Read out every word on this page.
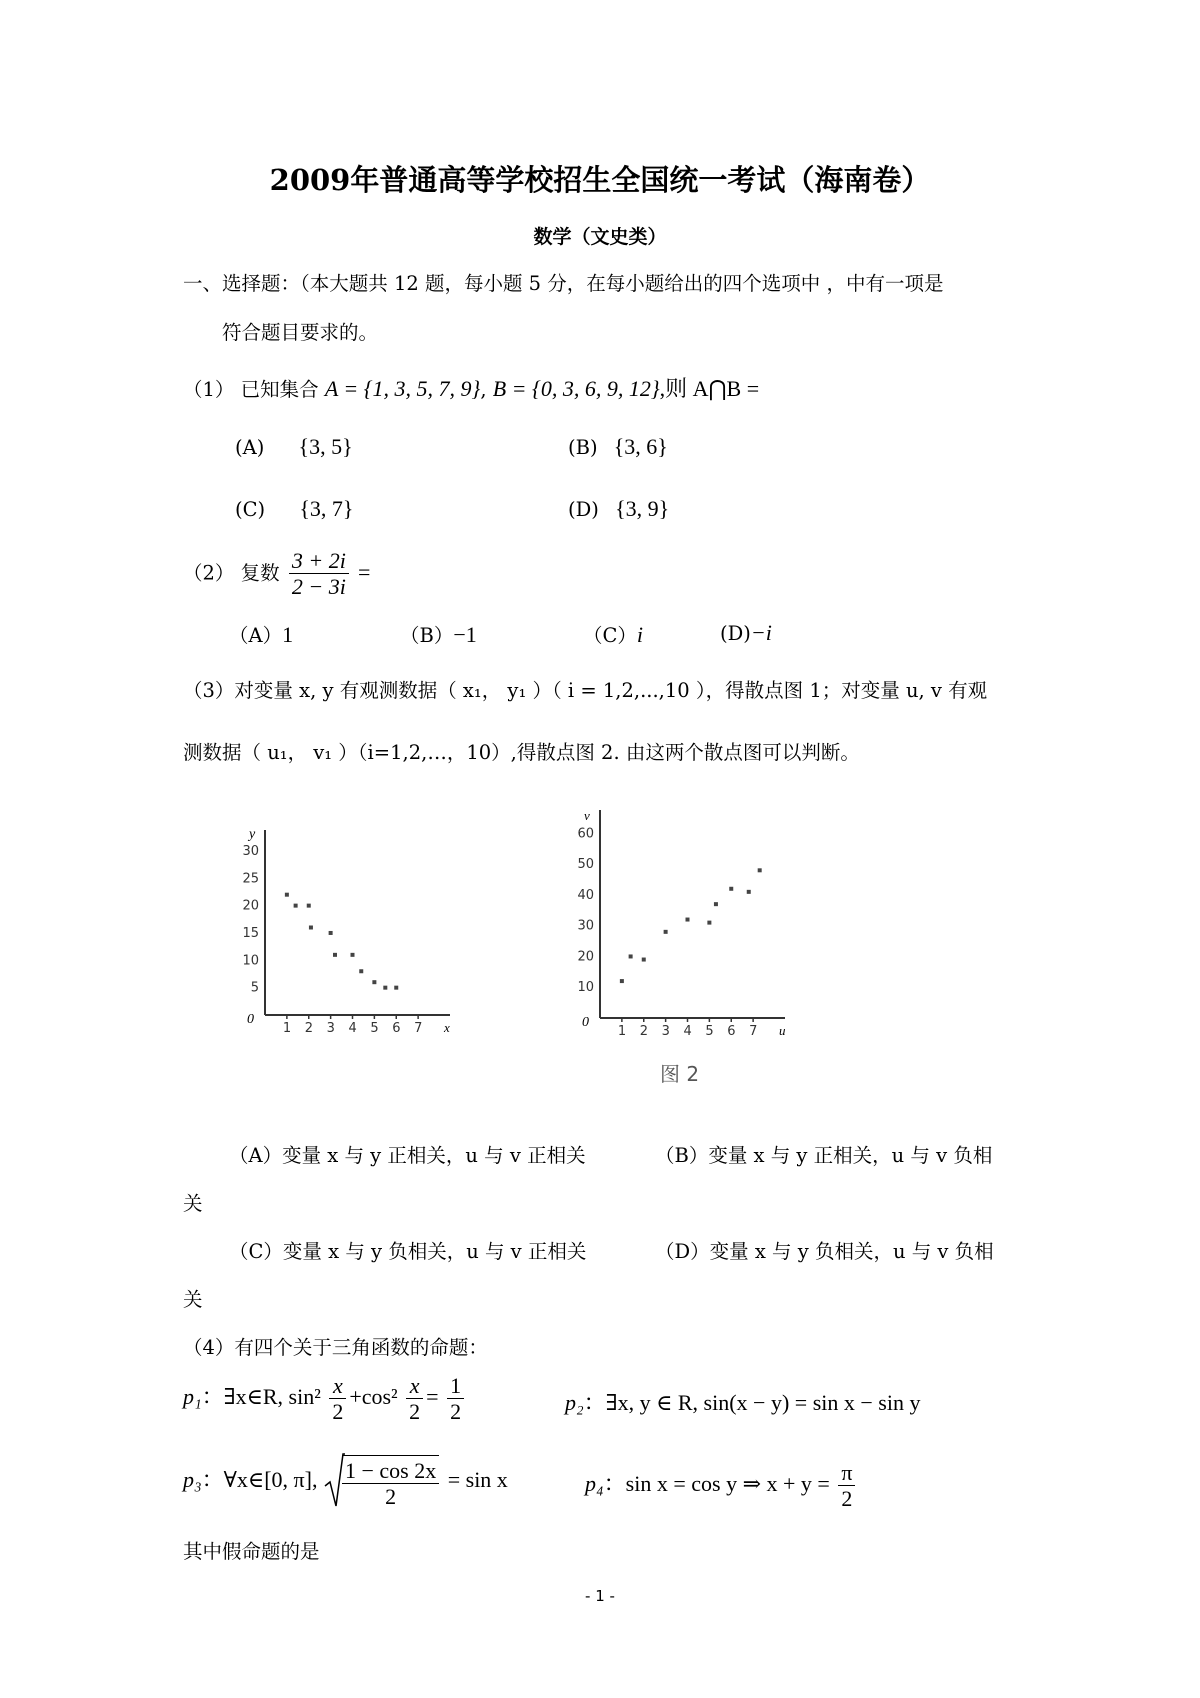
2009年普通高等学校招生全国统一考试（海南卷）
数学（文史类）
一、选择题：（本大题共 12 题，每小题 5 分，在每小题给出的四个选项中 ，中有一项是
符合题目要求的。
（1） 已知集合 A = {1, 3, 5, 7, 9}, B = {0, 3, 6, 9, 12},则 A⋂B =
(A) {3, 5}	(B) {3, 6}
(C) {3, 7}	(D) {3, 9}
（2） 复数 $\frac{3 + 2i}{2 - 3i}$ =
（A）1	（B）−1	（C）i	(D)−i
（3）对变量 x, y 有观测数据（ x₁， y₁ ）（ i = 1,2,...,10 ），得散点图 1；对变量 u, v 有观
测数据（ u₁， v₁ ）（i=1,2,…，10）,得散点图 2. 由这两个散点图可以判断。
y
0
1 2 3 4 5 6 7
5
10
15
20
25
30
x
v
0
1 2 3 4 5 6 7
10
20
30
40
50
60
u
图 2
（A）变量 x 与 y 正相关，u 与 v 正相关	（B）变量 x 与 y 正相关，u 与 v 负相
关
（C）变量 x 与 y 负相关，u 与 v 正相关	（D）变量 x 与 y 负相关，u 与 v 负相
关
（4）有四个关于三角函数的命题：
p₁：∃x∈R, $\sin^2 \frac{x}{2} +\cos^2 \frac{x}{2} = \frac{1}{2}$	p₂：∃x, y ∈ R, sin(x − y) = sin x − sin y
p₃：∀x∈[0, π], $\frac{1 - \cos 2x}{2} = \sin x$	p₄：sin x = cos y ⇒ $x + y = \frac{\pi}{2}$
其中假命题的是
- 1 -
